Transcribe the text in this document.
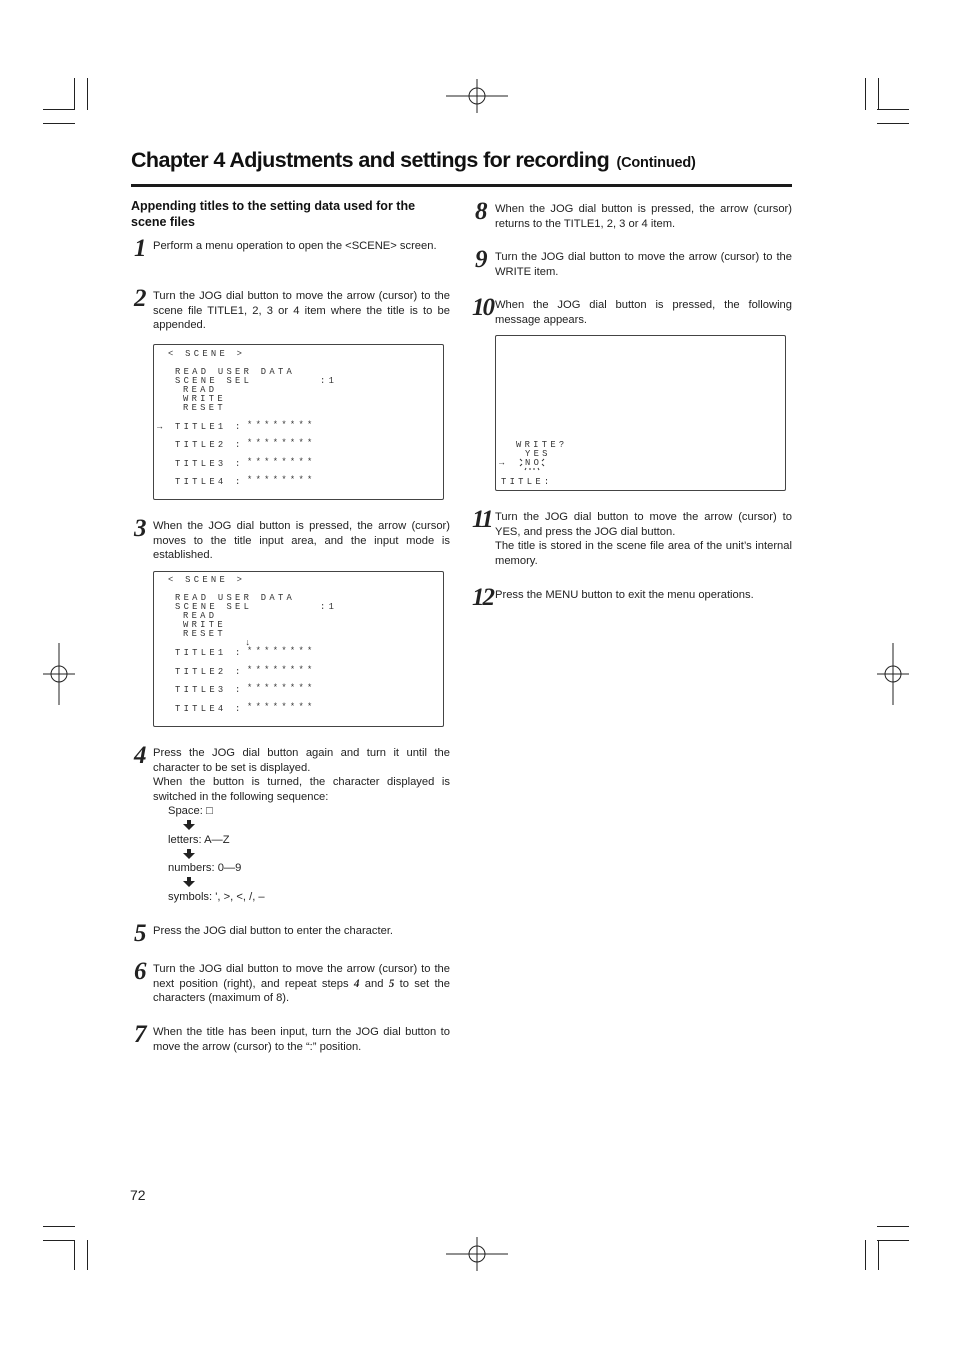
Chapter 4 Adjustments and settings for recording (Continued)
Appending titles to the setting data used for the scene files
1 Perform a menu operation to open the <SCENE> screen.
2 Turn the JOG dial button to move the arrow (cursor) to the scene file TITLE1, 2, 3 or 4 item where the title is to be appended.
< SCENE >
READ USER DATA
SCENE SEL	:1
READ
WRITE
RESET
→ TITLE1 : ********
TITLE2 : ********
TITLE3 : ********
TITLE4 : ********
3 When the JOG dial button is pressed, the arrow (cursor) moves to the title input area, and the input mode is established.
< SCENE >
READ USER DATA
SCENE SEL	:1
READ
WRITE
RESET
↓
TITLE1 : ********
TITLE2 : ********
TITLE3 : ********
TITLE4 : ********
4 Press the JOG dial button again and turn it until the character to be set is displayed.

When the button is turned, the character displayed is switched in the following sequence:

Space: □
letters: A—Z
numbers: 0—9
symbols: ', >, <, /, –
5 Press the JOG dial button to enter the character.
6 Turn the JOG dial button to move the arrow (cursor) to the next position (right), and repeat steps 4 and 5 to set the characters (maximum of 8).
7 When the title has been input, turn the JOG dial button to move the arrow (cursor) to the “:” position.
8 When the JOG dial button is pressed, the arrow (cursor) returns to the TITLE1, 2, 3 or 4 item.
9 Turn the JOG dial button to move the arrow (cursor) to the WRITE item.
10 When the JOG dial button is pressed, the following message appears.
WRITE?
YES
→ NO
TITLE:
11 Turn the JOG dial button to move the arrow (cursor) to YES, and press the JOG dial button.

The title is stored in the scene file area of the unit’s internal memory.

12 Press the MENU button to exit the menu operations.
72
